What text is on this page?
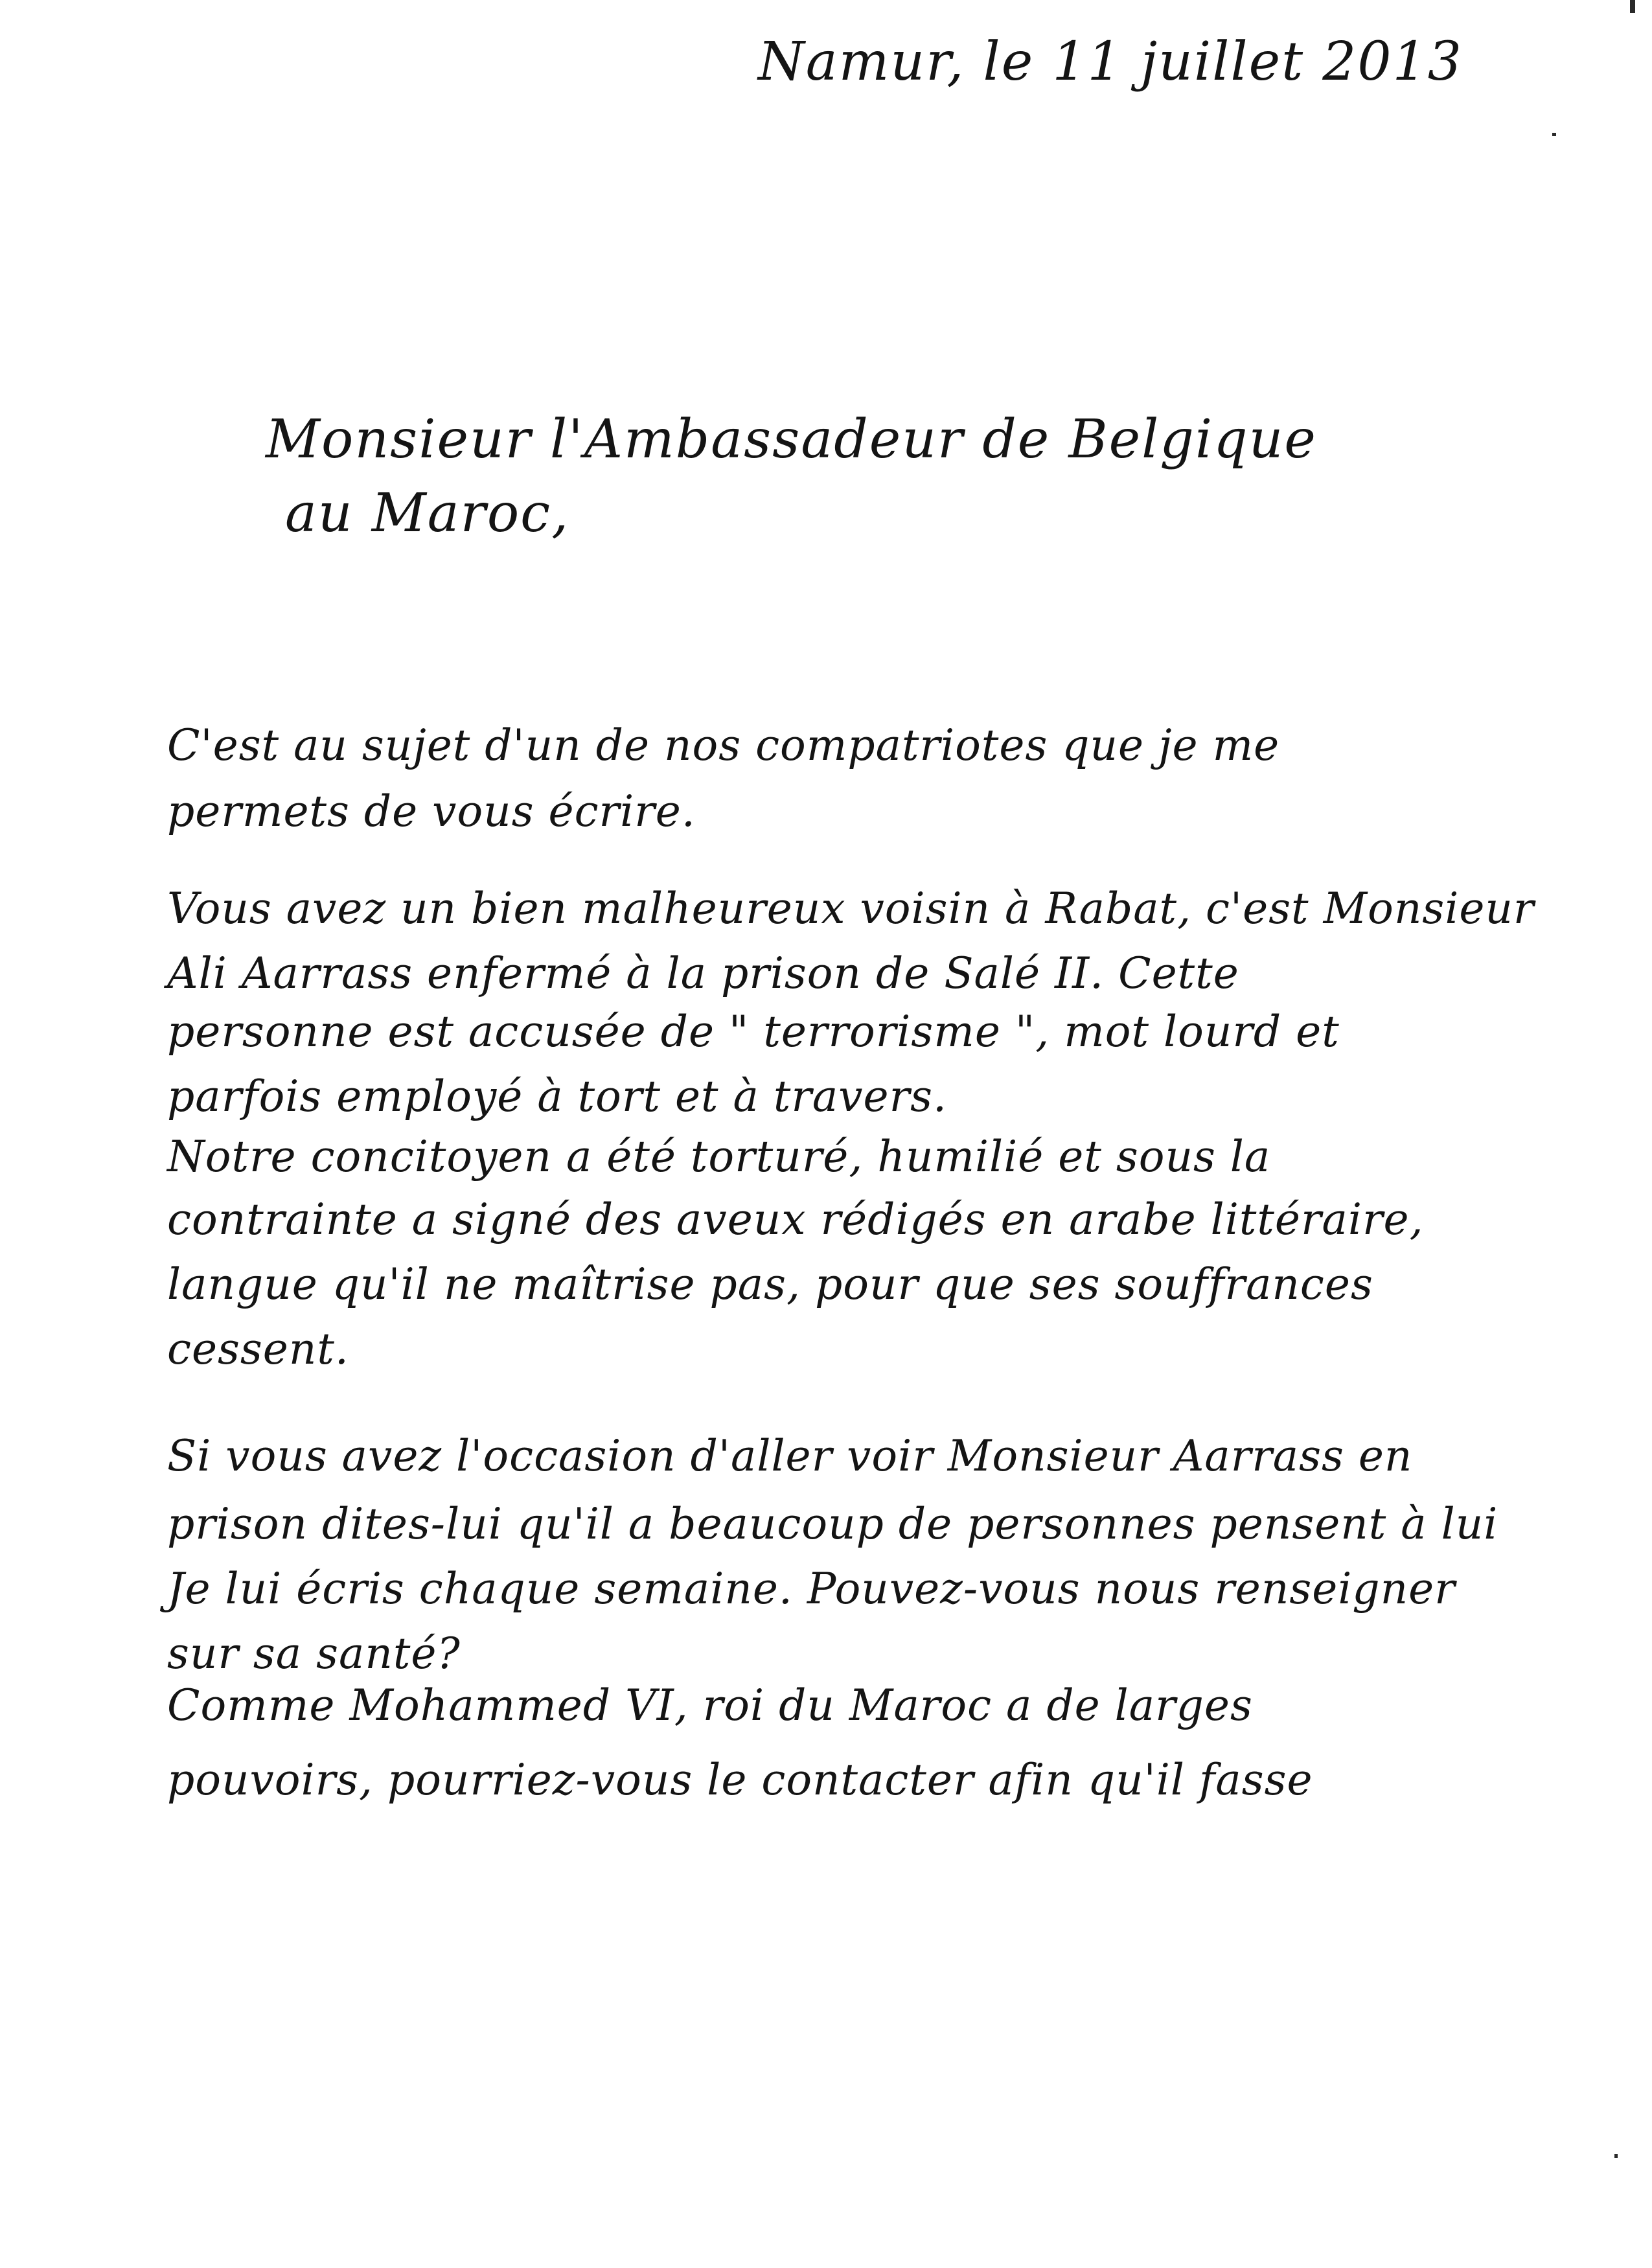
Namur, le 11 juillet 2013

Monsieur l'Ambassadeur de Belgique

au Maroc,

C'est au sujet d'un de nos compatriotes que je me

permets de vous écrire.

Vous avez un bien malheureux voisin à Rabat, c'est Monsieur

Ali Aarrass enfermé à la prison de Salé II. Cette

personne est accusée de " terrorisme ", mot lourd et

parfois employé à tort et à travers.

Notre concitoyen a été torturé, humilié et sous la

contrainte a signé des aveux rédigés en arabe littéraire,

langue qu'il ne maîtrise pas, pour que ses souffrances

cessent.

Si vous avez l'occasion d'aller voir Monsieur Aarrass en

prison dites-lui qu'il a beaucoup de personnes pensent à lui

Je lui écris chaque semaine. Pouvez-vous nous renseigner

sur sa santé?

Comme Mohammed VI, roi du Maroc a de larges

pouvoirs, pourriez-vous le contacter afin qu'il fasse
